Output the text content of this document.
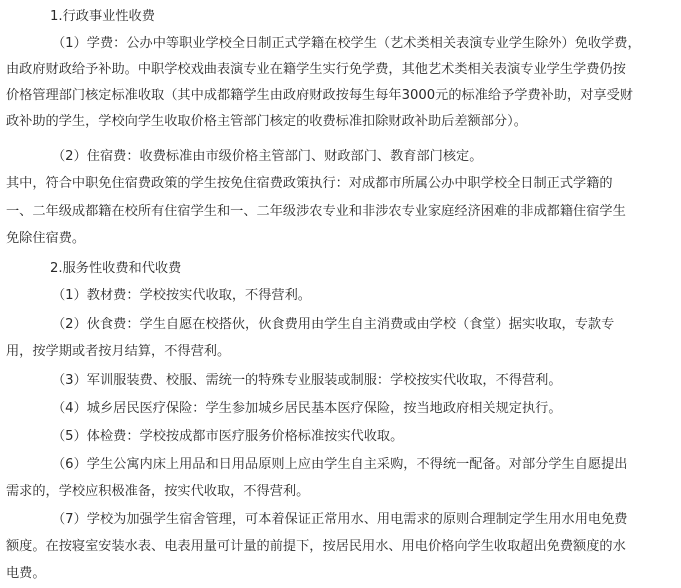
1.行政事业性收费
（1）学费：公办中等职业学校全日制正式学籍在校学生（艺术类相关表演专业学生除外）免收学费，
由政府财政给予补助。中职学校戏曲表演专业在籍学生实行免学费，其他艺术类相关表演专业学生学费仍按
价格管理部门核定标准收取（其中成都籍学生由政府财政按每生每年3000元的标准给予学费补助，对享受财
政补助的学生，学校向学生收取价格主管部门核定的收费标准扣除财政补助后差额部分）。
（2）住宿费：收费标准由市级价格主管部门、财政部门、教育部门核定。
其中，符合中职免住宿费政策的学生按免住宿费政策执行：对成都市所属公办中职学校全日制正式学籍的
一、二年级成都籍在校所有住宿学生和一、二年级涉农专业和非涉农专业家庭经济困难的非成都籍住宿学生
免除住宿费。
2.服务性收费和代收费
（1）教材费：学校按实代收取，不得营利。
（2）伙食费：学生自愿在校搭伙，伙食费用由学生自主消费或由学校（食堂）据实收取，专款专
用，按学期或者按月结算，不得营利。
（3）军训服装费、校服、需统一的特殊专业服装或制服：学校按实代收取，不得营利。
（4）城乡居民医疗保险：学生参加城乡居民基本医疗保险，按当地政府相关规定执行。
（5）体检费：学校按成都市医疗服务价格标准按实代收取。
（6）学生公寓内床上用品和日用品原则上应由学生自主采购，不得统一配备。对部分学生自愿提出
需求的，学校应积极准备，按实代收取，不得营利。
（7）学校为加强学生宿舍管理，可本着保证正常用水、用电需求的原则合理制定学生用水用电免费
额度。在按寝室安装水表、电表用量可计量的前提下，按居民用水、用电价格向学生收取超出免费额度的水
电费。
